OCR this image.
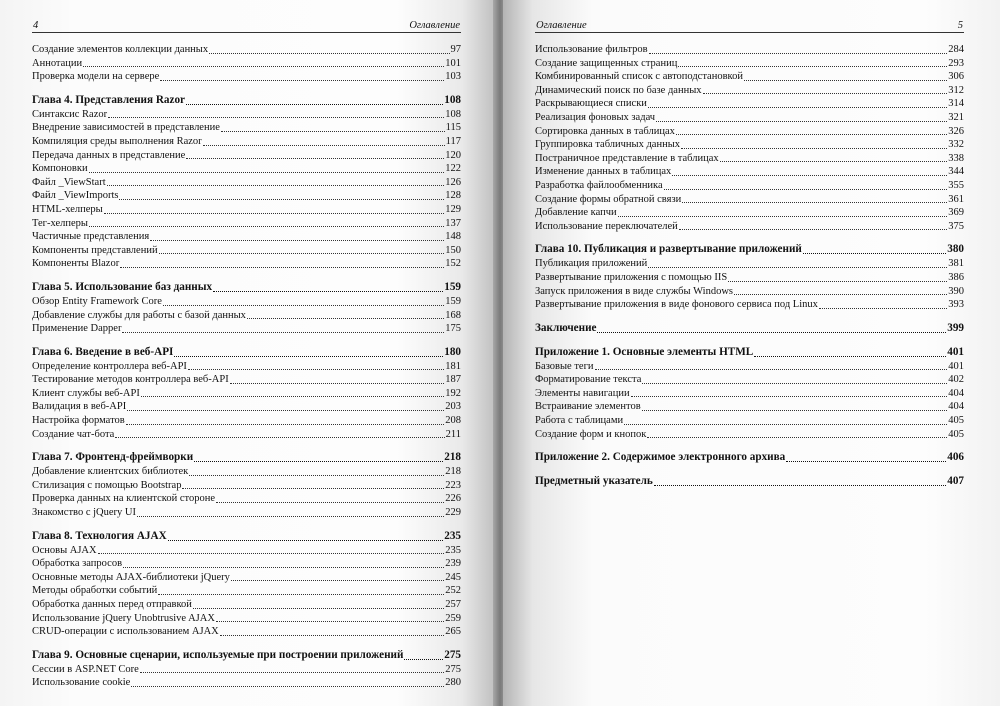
4	Оглавление
Создание элементов коллекции данных	97
Аннотации	101
Проверка модели на сервере	103
Глава 4. Представления Razor	108
Синтаксис Razor	108
Внедрение зависимостей в представление	115
Компиляция среды выполнения Razor	117
Передача данных в представление	120
Компоновки	122
Файл _ViewStart	126
Файл _ViewImports	128
HTML-хелперы	129
Тег-хелперы	137
Частичные представления	148
Компоненты представлений	150
Компоненты Blazor	152
Глава 5. Использование баз данных	159
Обзор Entity Framework Core	159
Добавление службы для работы с базой данных	168
Применение Dapper	175
Глава 6. Введение в веб-API	180
Определение контроллера веб-API	181
Тестирование методов контроллера веб-API	187
Клиент службы веб-API	192
Валидация в веб-API	203
Настройка форматов	208
Создание чат-бота	211
Глава 7. Фронтенд-фреймворки	218
Добавление клиентских библиотек	218
Стилизация с помощью Bootstrap	223
Проверка данных на клиентской стороне	226
Знакомство с jQuery UI	229
Глава 8. Технология AJAX	235
Основы AJAX	235
Обработка запросов	239
Основные методы AJAX-библиотеки jQuery	245
Методы обработки событий	252
Обработка данных перед отправкой	257
Использование jQuery Unobtrusive AJAX	259
CRUD-операции с использованием AJAX	265
Глава 9. Основные сценарии, используемые при построении приложений	275
Сессии в ASP.NET Core	275
Использование cookie	280
Оглавление	5
Использование фильтров	284
Создание защищенных страниц	293
Комбинированный список с автоподстановкой	306
Динамический поиск по базе данных	312
Раскрывающиеся списки	314
Реализация фоновых задач	321
Сортировка данных в таблицах	326
Группировка табличных данных	332
Постраничное представление в таблицах	338
Изменение данных в таблицах	344
Разработка файлообменника	355
Создание формы обратной связи	361
Добавление капчи	369
Использование переключателей	375
Глава 10. Публикация и развертывание приложений	380
Публикация приложений	381
Развертывание приложения с помощью IIS	386
Запуск приложения в виде службы Windows	390
Развертывание приложения в виде фонового сервиса под Linux	393
Заключение	399
Приложение 1. Основные элементы HTML	401
Базовые теги	401
Форматирование текста	402
Элементы навигации	404
Встраивание элементов	404
Работа с таблицами	405
Создание форм и кнопок	405
Приложение 2. Содержимое электронного архива	406
Предметный указатель	407
